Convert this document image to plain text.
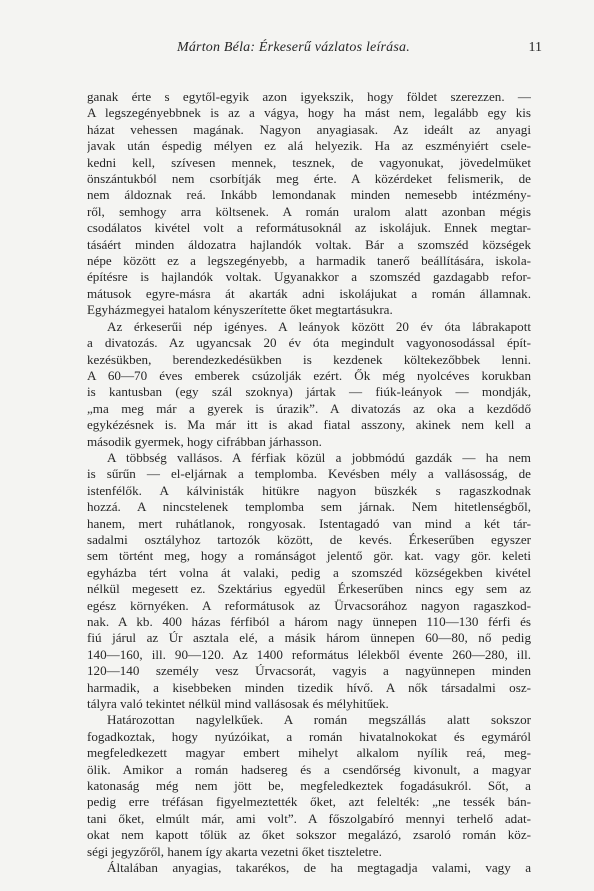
Márton Béla: Érkeserű vázlatos leírása.	11
ganak érte s egytől-egyik azon igyekszik, hogy földet szerezzen. —
A legszegényebbnek is az a vágya, hogy ha mást nem, legalább egy kis
házat vehessen magának. Nagyon anyagiasak. Az ideált az anyagi
javak után éspedig mélyen ez alá helyezik. Ha az eszményiért csele-
kedni kell, szívesen mennek, tesznek, de vagyonukat, jövedelmüket
önszántukból nem csorbítják meg érte. A közérdeket felismerik, de
nem áldoznak reá. Inkább lemondanak minden nemesebb intézmény-
ről, semhogy arra költsenek. A román uralom alatt azonban mégis
csodálatos kivétel volt a reformátusoknál az iskolájuk. Ennek megtar-
tásáért minden áldozatra hajlandók voltak. Bár a szomszéd községek
népe között ez a legszegényebb, a harmadik tanerő beállítására, iskola-
építésre is hajlandók voltak. Ugyanakkor a szomszéd gazdagabb refor-
mátusok egyre-másra át akarták adni iskolájukat a román államnak.
Egyházmegyei hatalom kényszerítette őket megtartásukra.
Az érkeserűi nép igényes. A leányok között 20 év óta lábrakapott
a divatozás. Az ugyancsak 20 év óta megindult vagyonosodással épít-
kezésükben, berendezkedésükben is kezdenek költekezőbbek lenni.
A 60—70 éves emberek csúzolják ezért. Ők még nyolcéves korukban
is kantusban (egy szál szoknya) jártak — fiúk-leányok — mondják,
„ma meg már a gyerek is úrazik”. A divatozás az oka a kezdődő
egykézésnek is. Ma már itt is akad fiatal asszony, akinek nem kell a
második gyermek, hogy cifrábban járhasson.
A többség vallásos. A férfiak közül a jobbmódú gazdák — ha nem
is sűrűn — el-eljárnak a templomba. Kevésben mély a vallásosság, de
istenfélők. A kálvinisták hitükre nagyon büszkék s ragaszkodnak
hozzá. A nincstelenek templomba sem járnak. Nem hitetlenségből,
hanem, mert ruhátlanok, rongyosak. Istentagadó van mind a két tár-
sadalmi osztályhoz tartozók között, de kevés. Érkeserűben egyszer
sem történt meg, hogy a románságot jelentő gör. kat. vagy gör. keleti
egyházba tért volna át valaki, pedig a szomszéd községekben kivétel
nélkül megesett ez. Szektárius egyedül Érkeserűben nincs egy sem az
egész környéken. A reformátusok az Ürvacsorához nagyon ragaszkod-
nak. A kb. 400 házas férfiból a három nagy ünnepen 110—130 férfi és
fiú járul az Úr asztala elé, a másik három ünnepen 60—80, nő pedig
140—160, ill. 90—120. Az 1400 református lélekből évente 260—280, ill.
120—140 személy vesz Úrvacsorát, vagyis a nagyünnepen minden
harmadik, a kisebbeken minden tizedik hívő. A nők társadalmi osz-
tályra való tekintet nélkül mind vallásosak és mélyhitűek.
Határozottan nagylelkűek. A román megszállás alatt sokszor
fogadkoztak, hogy nyúzóikat, a román hivatalnokokat és egymáról
megfeledkezett magyar embert mihelyt alkalom nyílik reá, meg-
ölik. Amikor a román hadsereg és a csendőrség kivonult, a magyar
katonaság még nem jött be, megfeledkeztek fogadásukról. Sőt, a
pedig erre tréfásan figyelmeztették őket, azt felelték: „ne tessék bán-
tani őket, elmúlt már, ami volt”. A főszolgabíró mennyi terhelő adat-
okat nem kapott tőlük az őket sokszor megalázó, zsaroló román köz-
ségi jegyzőről, hanem így akarta vezetni őket tiszteletre.
Általában anyagias, takarékos, de ha megtagadja valami, vagy a
